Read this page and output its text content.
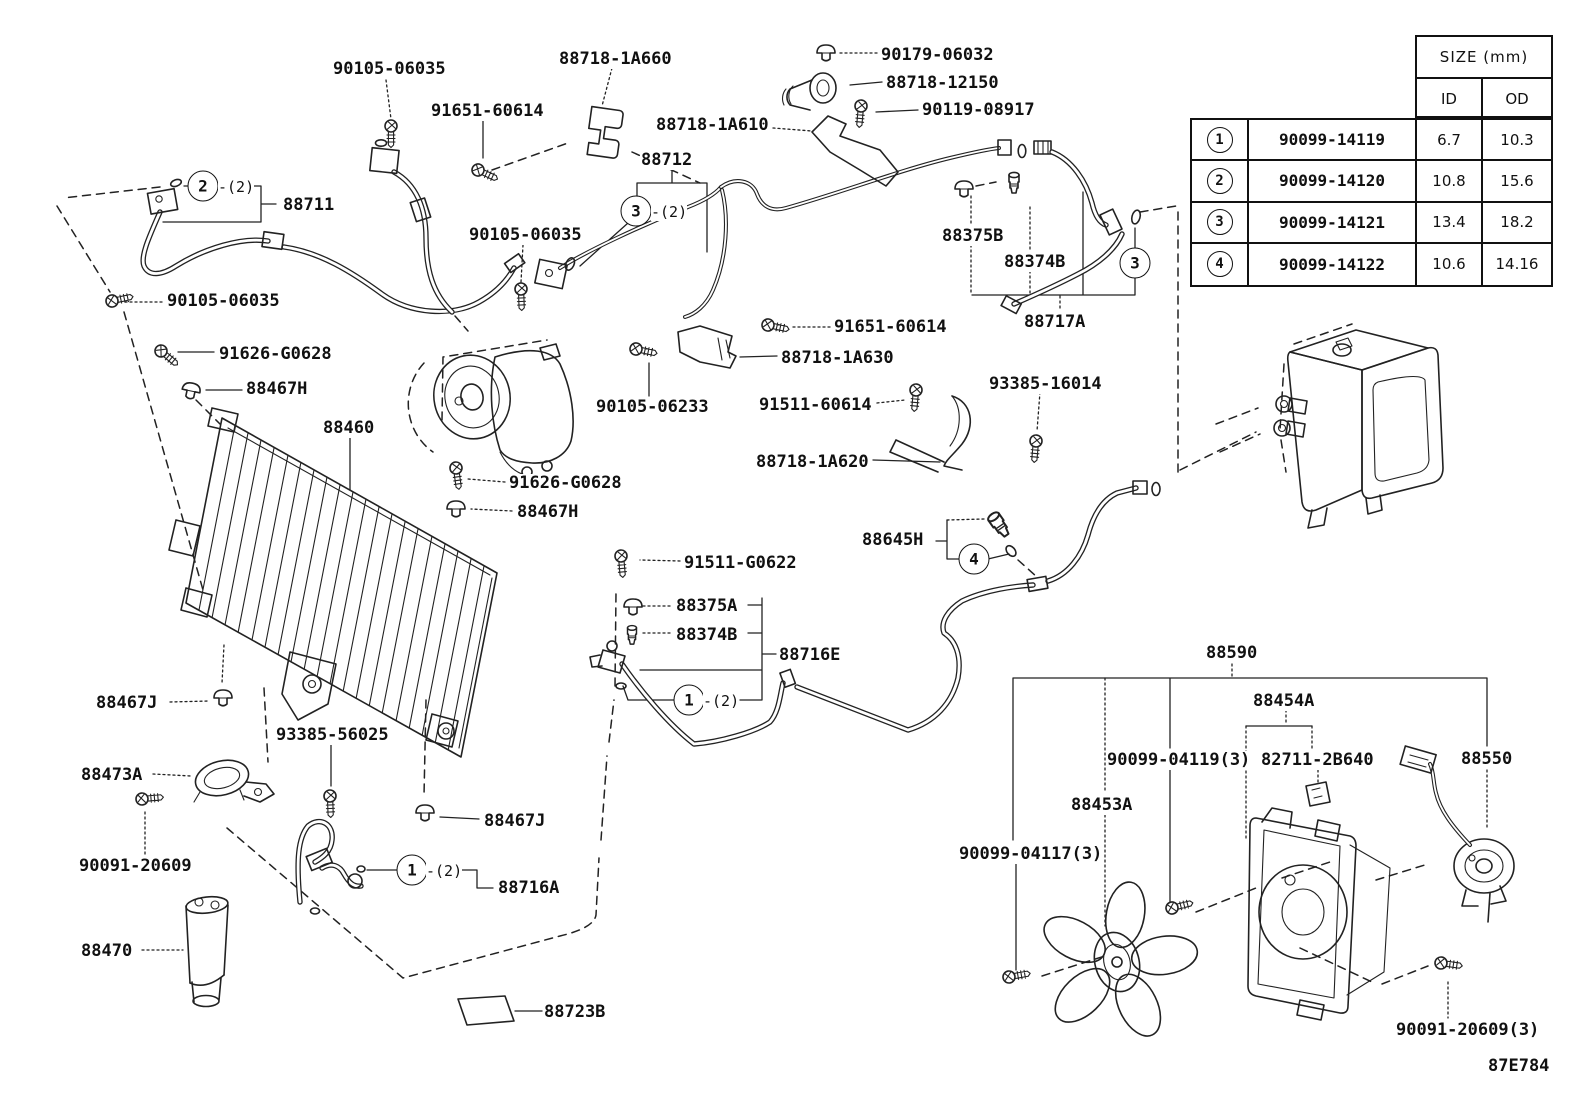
SIZE (mm)
ID	OD
1	90099-14119	6.7	10.3
2	90099-14120	10.8	15.6
3	90099-14121	13.4	18.2
4	90099-14122	10.6	14.16
2
3
3
4
1
1
-(2)
-(2)
-(2)
-(2)
90105-06035	88718-1A660	90179-06032
88718-12150
90119-08917
88718-1A610
88712
88711
91651-60614
90105-06035
90105-06035
88375B
88374B
88717A
91626-G0628
88467H
88460
91651-60614
88718-1A630
90105-06233	91511-60614
93385-16014
88718-1A620
91626-G0628
88467H
91511-G0622
88645H
88375A
88374B
88716E
88467J
93385-56025
88473A
88467J
90091-20609
88716A
88470
88723B
88590
88454A
90099-04119(3) 82711-2B640	88550
88453A
90099-04117(3)
90091-20609(3)
87E784
